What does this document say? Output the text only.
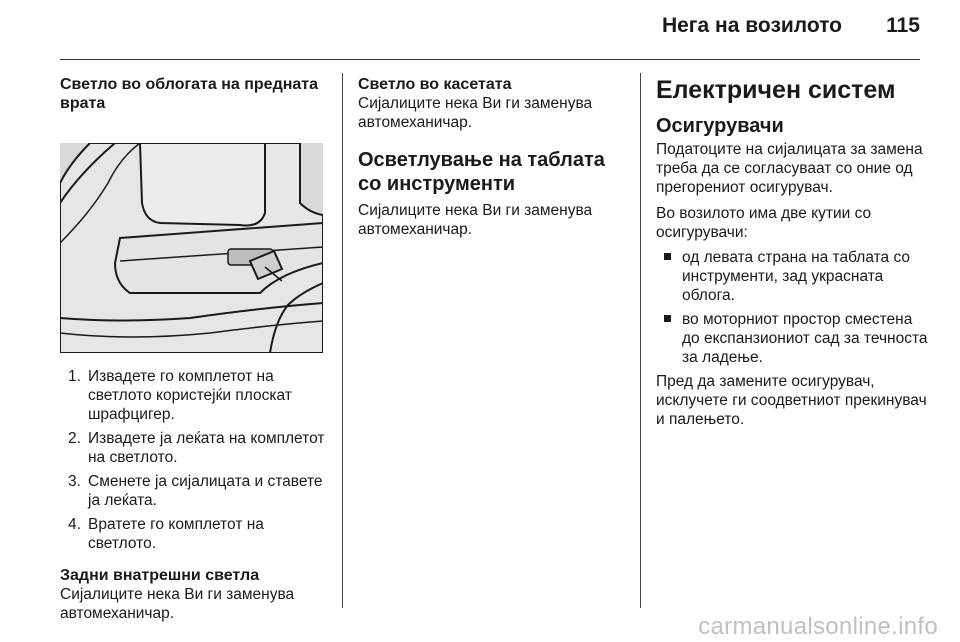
Нега на возилото 115
Светло во облогата на предната врата
1. Извадете го комплетот на светлото користејќи плоскат шрафцигер.
2. Извадете ја леќата на комплетот на светлото.
3. Сменете ја сијалицата и ставете ја леќата.
4. Вратете го комплетот на светлото.
Задни внатрешни светла

Сијалиците нека Ви ги заменува автомеханичар.

Светло во касетата

Сијалиците нека Ви ги заменува автомеханичар.

Осветлување на таблата со инструменти

Сијалиците нека Ви ги заменува автомеханичар.

Електричен систем
Осигурувачи

Податоците на сијалицата за замена треба да се согласуваат со оние од прегорениот осигурувач.

Во возилото има две кутии со осигурувачи:

од левата страна на таблата со инструменти, зад укрaсната облога.
во моторниот простор сместена до експанзиониот сад за течноста за ладење.

Пред да замените осигурувач, исклучете ги соодветниот прекинувач и палењето.

carmanualsonline.info
